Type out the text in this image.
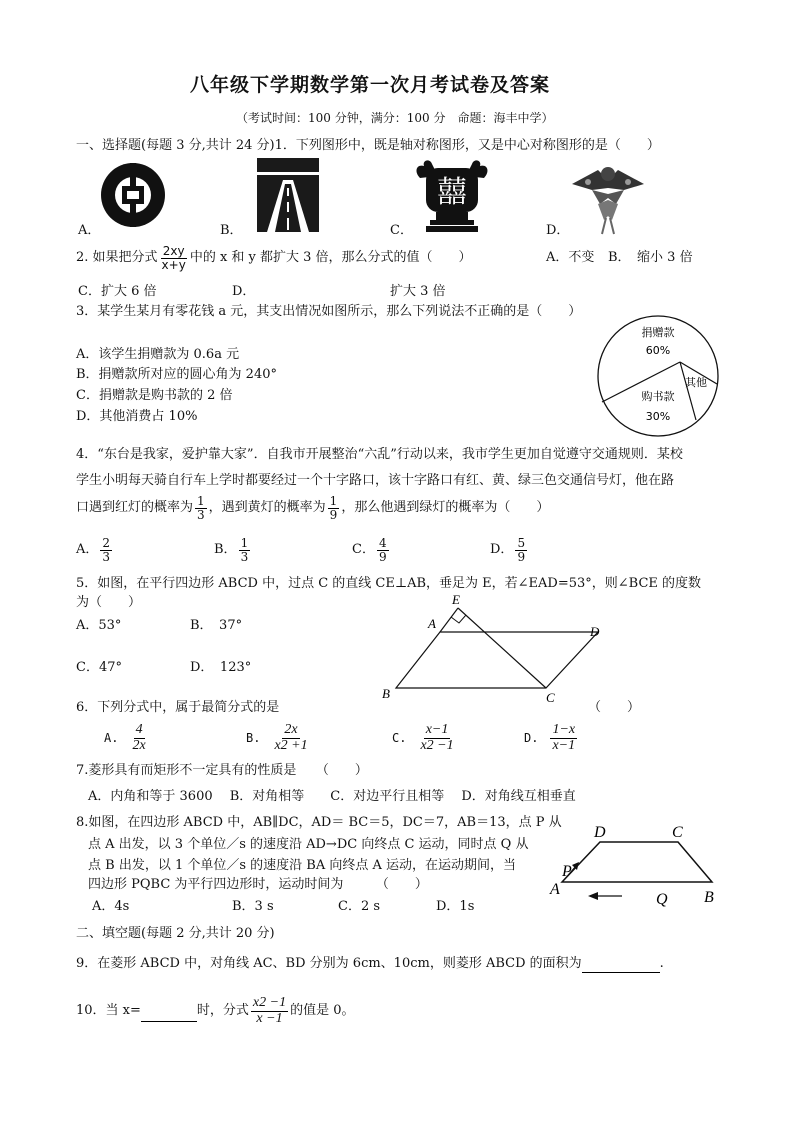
八年级下学期数学第一次月考试卷及答案
（考试时间：100 分钟，满分：100 分　命题：海丰中学）
一、选择题(每题 3 分,共计 24 分)1．下列图形中，既是轴对称图形，又是中心对称图形的是（　　）
囍
A．	B．	C．	D．
2. 如果把分式 $\frac{2xy}{x+y}$ 中的 x 和 y 都扩大 3 倍，那么分式的值（　　）	A．不变 B．　缩小 3 倍
C．扩大 6 倍	D．	扩大 3 倍
3．某学生某月有零花钱 a 元，其支出情况如图所示，那么下列说法不正确的是（　　）
A．该学生捐赠款为 0.6a 元
B．捐赠款所对应的圆心角为 240°
C．捐赠款是购书款的 2 倍
D．其他消费占 10%
捐赠款
60%
其他
购书款
30%
4．“东台是我家，爱护靠大家”．自我市开展整治“六乱”行动以来，我市学生更加自觉遵守交通规则．某校
学生小明每天骑自行车上学时都要经过一个十字路口，该十字路口有红、黄、绿三色交通信号灯，他在路
口遇到红灯的概率为 $\frac{1}{3}$ ，遇到黄灯的概率为 $\frac{1}{9}$ ，那么他遇到绿灯的概率为（　　）
A． $\frac{2}{3}$	B． $\frac{1}{3}$	C． $\frac{4}{9}$	D． $\frac{5}{9}$
5．如图，在平行四边形 ABCD 中，过点 C 的直线 CE⊥AB，垂足为 E，若∠EAD=53°，则∠BCE 的度数
为（　　）
A．53°	B．　37°
C．47°	D．　123°
E
A
D
B	C
6．下列分式中，属于最简分式的是	（　　）
A. $\frac{4}{2x}$	B. $\frac{2x}{x2 +1}$	C. $\frac{x-1}{x2 -1}$	D. $\frac{1-x}{x-1}$
7.菱形具有而矩形不一定具有的性质是　　（　　）
A．内角和等于 3600　 B．对角相等　　C．对边平行且相等　 D．对角线互相垂直
8.如图，在四边形 ABCD 中，AB∥DC，AD＝ BC＝5，DC＝7，AB＝13，点 P 从
点 A 出发，以 3 个单位／s 的速度沿 AD→DC 向终点 C 运动，同时点 Q 从
点 B 出发，以 1 个单位／s 的速度沿 BA 向终点 A 运动，在运动期间，当
四边形 PQBC 为平行四边形时，运动时间为　　　（　　）
A．4s	B．3 s	C．2 s	D．1s
D	C
P
A
Q B
二、填空题(每题 2 分,共计 20 分)
9．在菱形 ABCD 中，对角线 AC、BD 分别为 6cm、10cm，则菱形 ABCD 的面积为	.
10．当 x=	时，分式 $\frac{x2 -1}{x -1}$ 的值是 0。
